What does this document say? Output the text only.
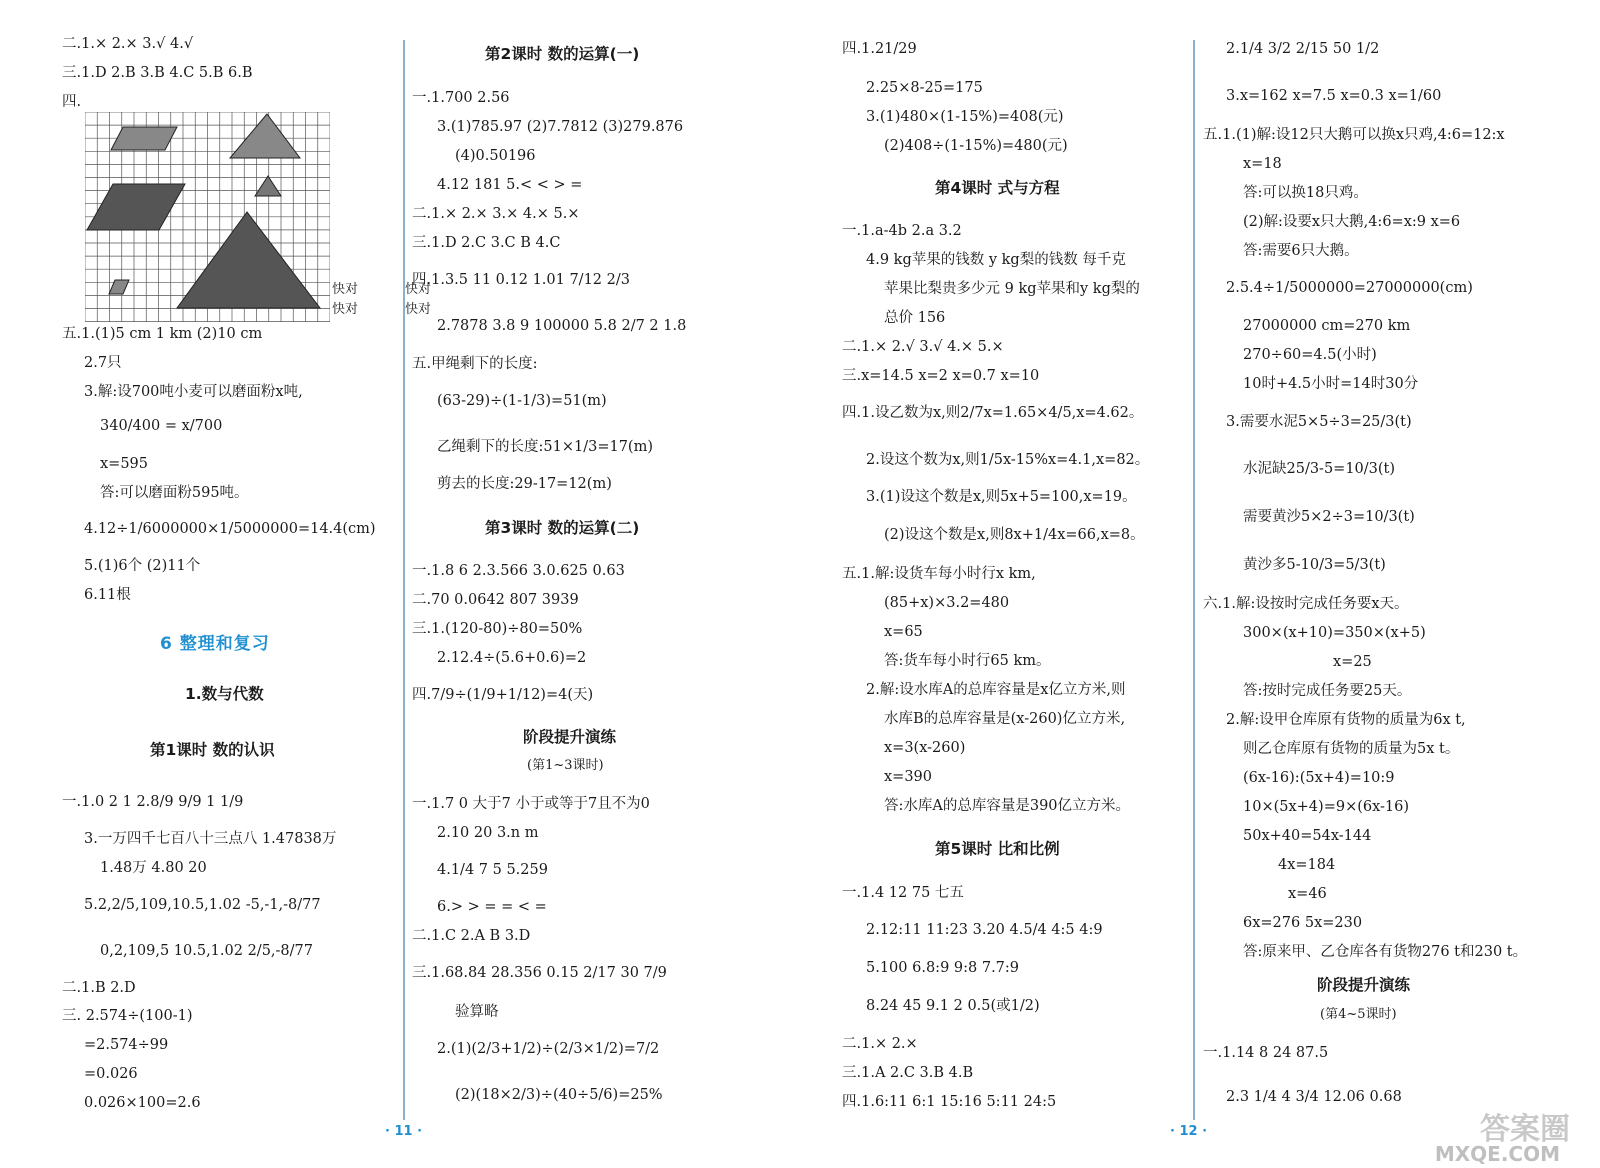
二.1.× 2.× 3.√ 4.√
三.1.D 2.B 3.B 4.C 5.B 6.B
四.
五.1.(1)5 cm 1 km (2)10 cm
2.7只
3.解:设700吨小麦可以磨面粉x吨,
340/400 = x/700
x=595
答:可以磨面粉595吨。
4.12÷1/6000000×1/5000000=14.4(cm)
5.(1)6个 (2)11个
6.11根
1.数与代数
第1课时 数的认识
一.1.0 2 1 2.8/9 9/9 1 1/9
3.一万四千七百八十三点八 1.47838万
1.48万 4.80 20
5.2,2/5,109,10.5,1.02 -5,-1,-8/77
0,2,109,5 10.5,1.02 2/5,-8/77
二.1.B 2.D
三. 2.574÷(100-1)
=2.574÷99
=0.026
0.026×100=2.6
第2课时 数的运算(一)
一.1.700 2.56
3.(1)785.97 (2)7.7812 (3)279.876
(4)0.50196
4.12 181 5.< < > =
二.1.× 2.× 3.× 4.× 5.×
三.1.D 2.C 3.C B 4.C
四.1.3.5 11 0.12 1.01 7/12 2/3
2.7878 3.8 9 100000 5.8 2/7 2 1.8
五.甲绳剩下的长度:
(63-29)÷(1-1/3)=51(m)
乙绳剩下的长度:51×1/3=17(m)
剪去的长度:29-17=12(m)
第3课时 数的运算(二)
一.1.8 6 2.3.566 3.0.625 0.63
二.70 0.0642 807 3939
三.1.(120-80)÷80=50%
2.12.4÷(5.6+0.6)=2
四.7/9÷(1/9+1/12)=4(天)
阶段提升演练
(第1~3课时)
一.1.7 0 大于7 小于或等于7且不为0
2.10 20 3.n m
4.1/4 7 5 5.259
6.> > = = < =
二.1.C 2.A B 3.D
三.1.68.84 28.356 0.15 2/17 30 7/9
验算略
2.(1)(2/3+1/2)÷(2/3×1/2)=7/2
(2)(18×2/3)÷(40÷5/6)=25%
四.1.21/29
2.25×8-25=175
3.(1)480×(1-15%)=408(元)
(2)408÷(1-15%)=480(元)
第4课时 式与方程
一.1.a-4b 2.a 3.2
4.9 kg苹果的钱数 y kg梨的钱数 每千克
苹果比梨贵多少元 9 kg苹果和y kg梨的
总价 156
二.1.× 2.√ 3.√ 4.× 5.×
三.x=14.5 x=2 x=0.7 x=10
四.1.设乙数为x,则2/7x=1.65×4/5,x=4.62。
2.设这个数为x,则1/5x-15%x=4.1,x=82。
3.(1)设这个数是x,则5x+5=100,x=19。
(2)设这个数是x,则8x+1/4x=66,x=8。
五.1.解:设货车每小时行x km,
(85+x)×3.2=480
x=65
答:货车每小时行65 km。
2.解:设水库A的总库容量是x亿立方米,则
水库B的总库容量是(x-260)亿立方米,
x=3(x-260)
x=390
答:水库A的总库容量是390亿立方米。
第5课时 比和比例
一.1.4 12 75 七五
2.12:11 11:23 3.20 4.5/4 4:5 4:9
5.100 6.8:9 9:8 7.7:9
8.24 45 9.1 2 0.5(或1/2)
二.1.× 2.×
三.1.A 2.C 3.B 4.B
四.1.6:11 6:1 15:16 5:11 24:5
2.1/4 3/2 2/15 50 1/2
3.x=162 x=7.5 x=0.3 x=1/60
五.1.(1)解:设12只大鹅可以换x只鸡,4:6=12:x
x=18
答:可以换18只鸡。
(2)解:设要x只大鹅,4:6=x:9 x=6
答:需要6只大鹅。
2.5.4÷1/5000000=27000000(cm)
27000000 cm=270 km
270÷60=4.5(小时)
10时+4.5小时=14时30分
3.需要水泥5×5÷3=25/3(t)
水泥缺25/3-5=10/3(t)
需要黄沙5×2÷3=10/3(t)
黄沙多5-10/3=5/3(t)
六.1.解:设按时完成任务要x天。
300×(x+10)=350×(x+5)
x=25
答:按时完成任务要25天。
2.解:设甲仓库原有货物的质量为6x t,
则乙仓库原有货物的质量为5x t。
(6x-16):(5x+4)=10:9
10×(5x+4)=9×(6x-16)
50x+40=54x-144
4x=184
x=46
6x=276 5x=230
答:原来甲、乙仓库各有货物276 t和230 t。
阶段提升演练
(第4~5课时)
一.1.14 8 24 87.5
2.3 1/4 4 3/4 12.06 0.68
6 整理和复习
· 11 ·	· 12 ·
快对
快对
快对
快对
答案圈
MXQE.COM
